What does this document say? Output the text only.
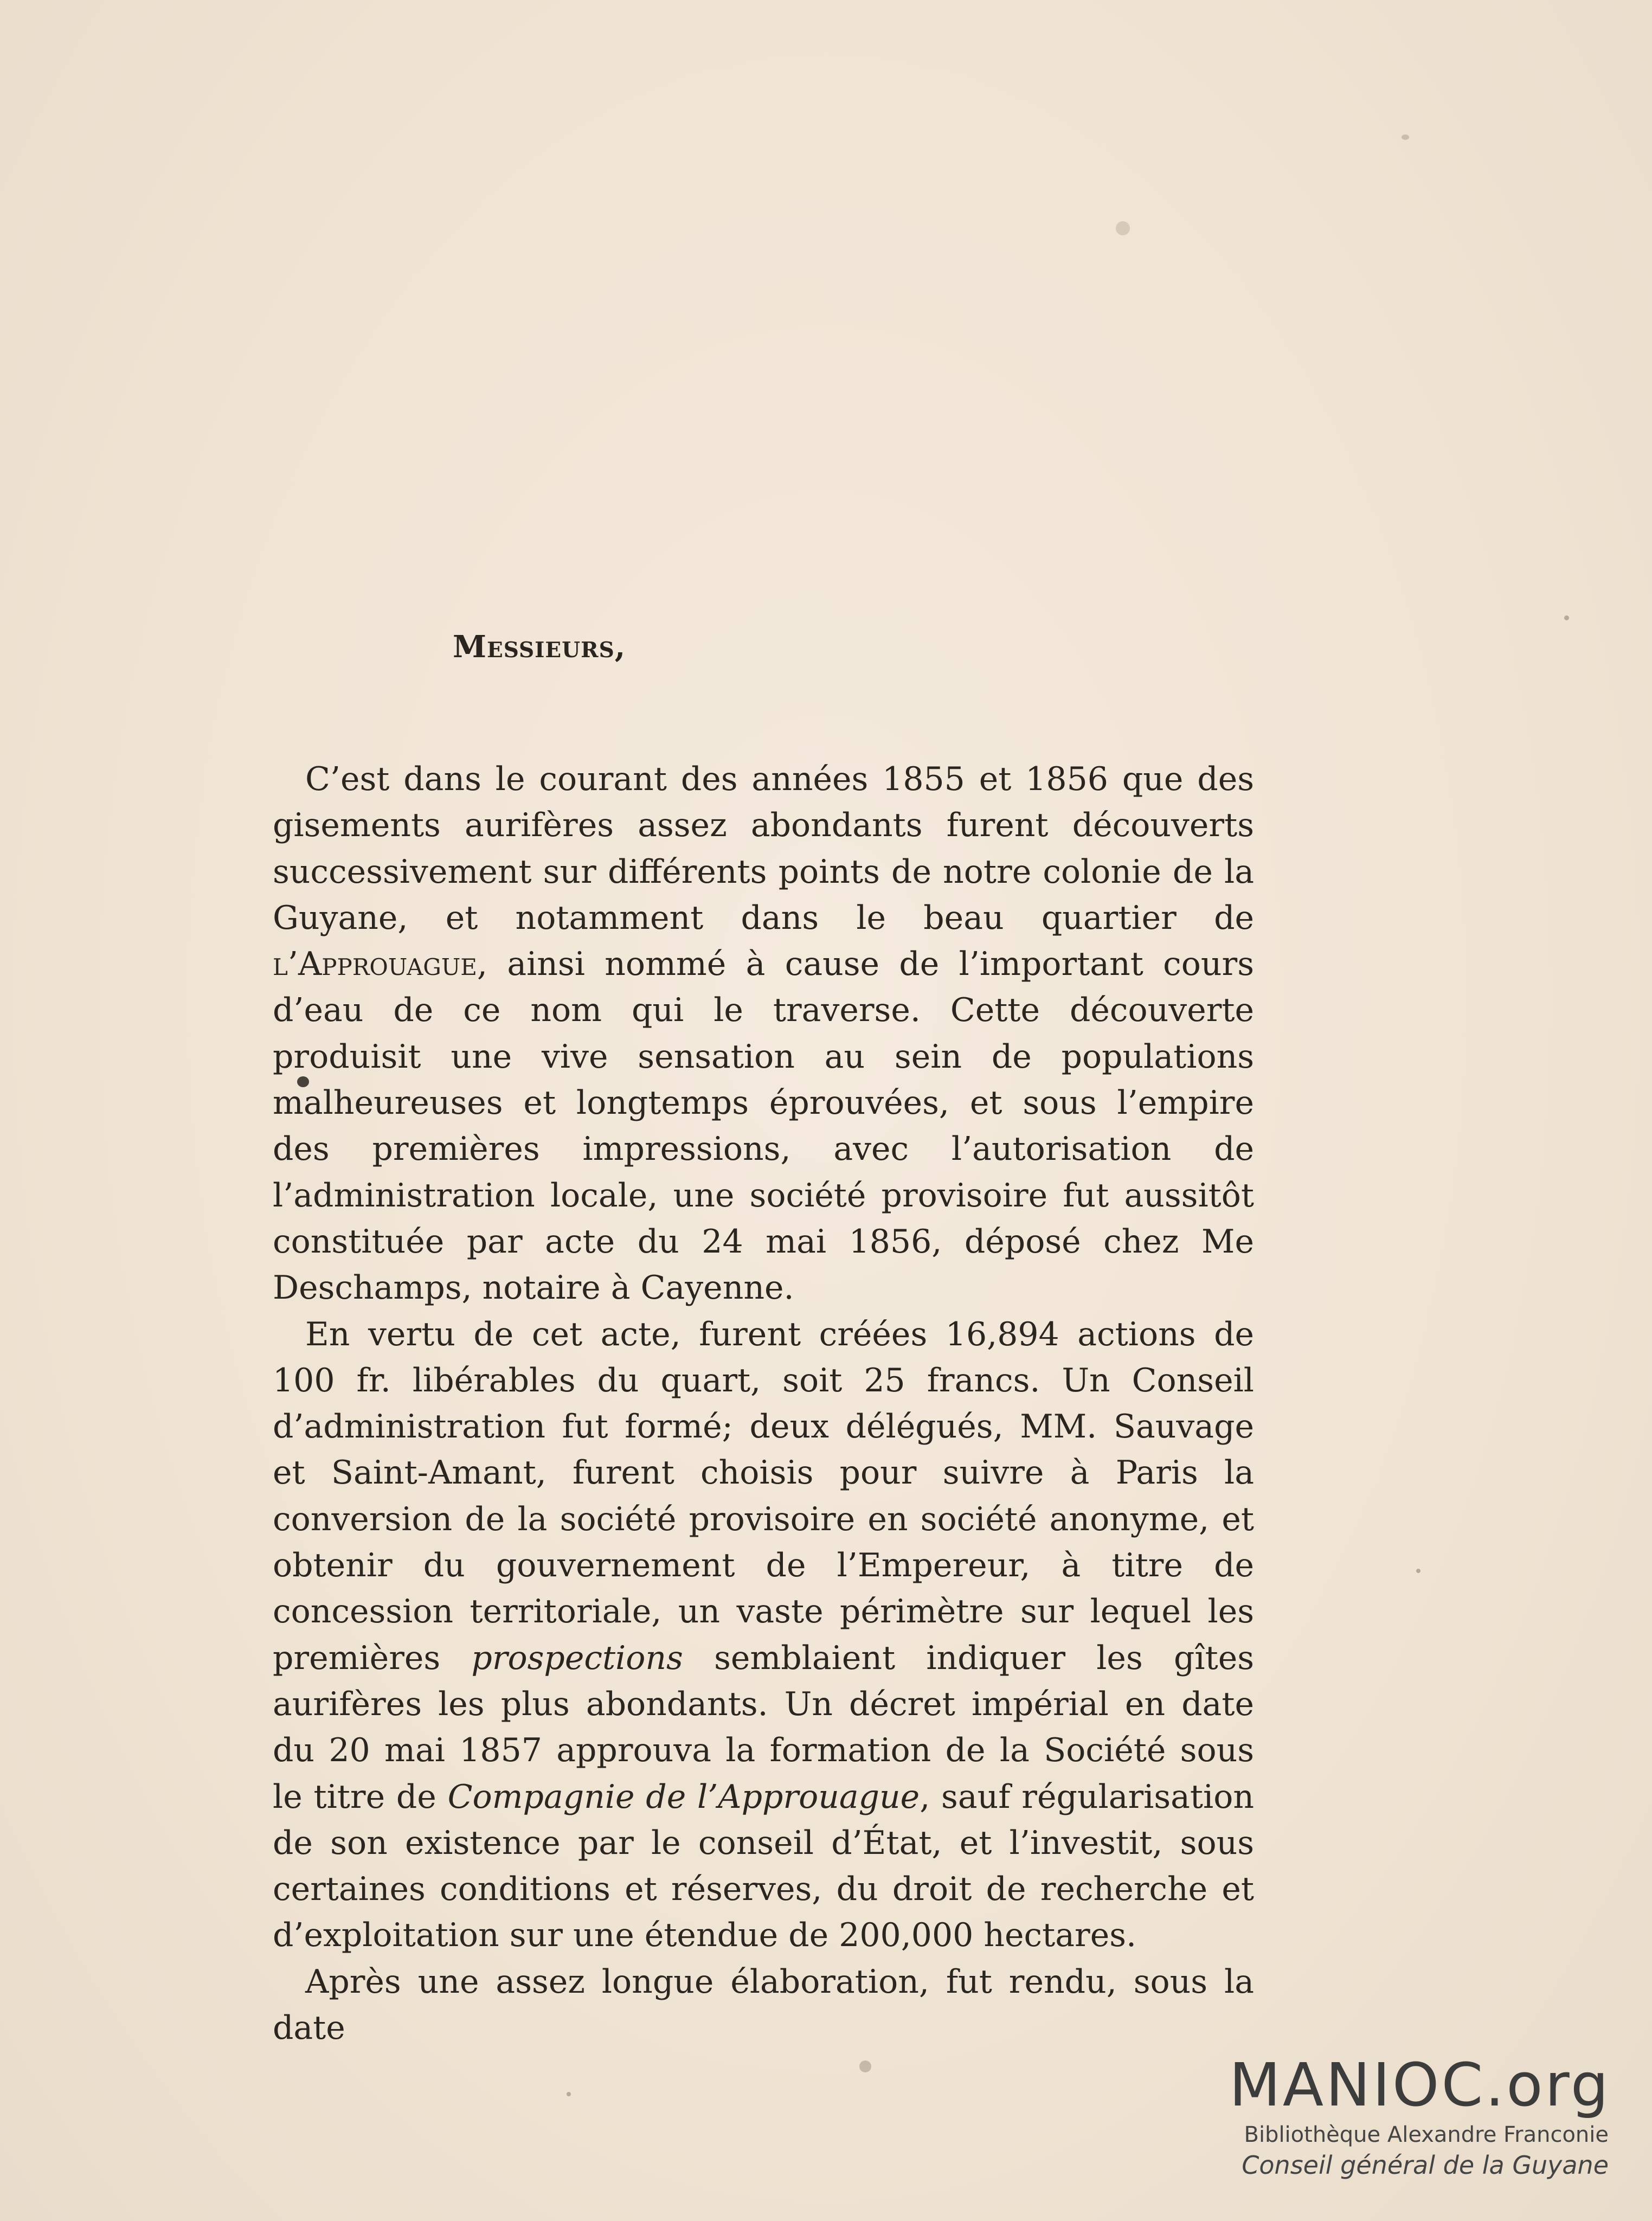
Messieurs,

C’est dans le courant des années 1855 et 1856 que des gisements aurifères assez abondants furent découverts successivement sur différents points de notre colonie de la Guyane, et notamment dans le beau quartier de l’Approuague, ainsi nommé à cause de l’important cours d’eau de ce nom qui le traverse. Cette découverte produisit une vive sensation au sein de populations malheureuses et longtemps éprouvées, et sous l’empire des premières impressions, avec l’autorisation de l’administration locale, une société provisoire fut aussitôt constituée par acte du 24 mai 1856, déposé chez Me Deschamps, notaire à Cayenne.

En vertu de cet acte, furent créées 16,894 actions de 100 fr. libérables du quart, soit 25 francs. Un Conseil d’administration fut formé; deux délégués, MM. Sauvage et Saint-Amant, furent choisis pour suivre à Paris la conversion de la société provisoire en société anonyme, et obtenir du gouvernement de l’Empereur, à titre de concession territoriale, un vaste périmètre sur lequel les premières prospections semblaient indiquer les gîtes aurifères les plus abondants. Un décret impérial en date du 20 mai 1857 approuva la formation de la Société sous le titre de Compagnie de l’Approuague, sauf régularisation de son existence par le conseil d’État, et l’investit, sous certaines conditions et réserves, du droit de recherche et d’exploitation sur une étendue de 200,000 hectares.

Après une assez longue élaboration, fut rendu, sous la date

MANIOC.org
Bibliothèque Alexandre Franconie
Conseil général de la Guyane
